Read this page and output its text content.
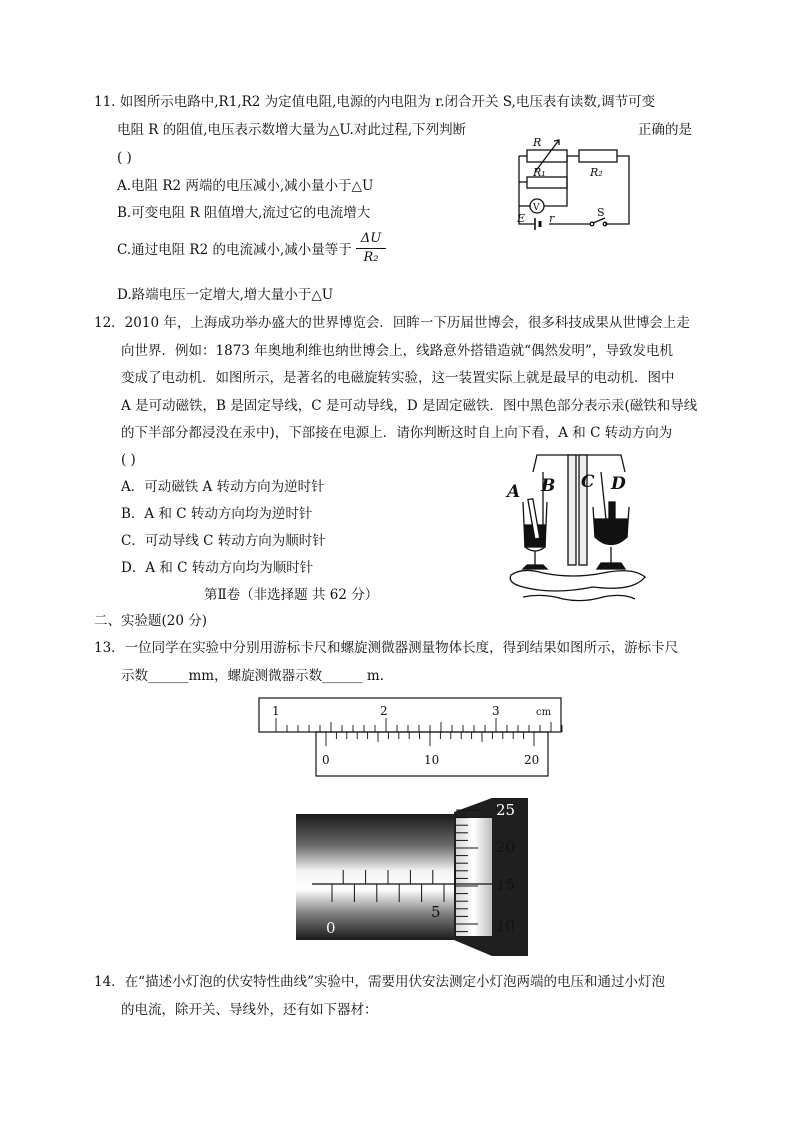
11. 如图所示电路中,R1,R2 为定值电阻,电源的内电阻为 r.闭合开关 S,电压表有读数,调节可变
电阻 R 的阻值,电压表示数增大量为△U.对此过程,下列判断	正确的是
( )
A.电阻 R2 两端的电压减小,减小量小于△U
B.可变电阻 R 阻值增大,流过它的电流增大
C.通过电阻 R2 的电流减小,减小量等于 $\frac{\Delta U}{\text{R₂}}$
D.路端电压一定增大,增大量小于△U
R
R₁	R₂
V
E r	S
12．2010 年，上海成功举办盛大的世界博览会．回眸一下历届世博会，很多科技成果从世博会上走
向世界．例如：1873 年奥地利维也纳世博会上，线路意外搭错造就“偶然发明”，导致发电机
变成了电动机．如图所示，是著名的电磁旋转实验，这一装置实际上就是最早的电动机．图中
A 是可动磁铁，B 是固定导线，C 是可动导线，D 是固定磁铁．图中黑色部分表示汞(磁铁和导线
的下半部分都浸没在汞中)，下部接在电源上．请你判断这时自上向下看，A 和 C 转动方向为
( )
A．可动磁铁 A 转动方向为逆时针
B．A 和 C 转动方向均为逆时针
C．可动导线 C 转动方向为顺时针
D．A 和 C 转动方向均为顺时针
A B C D
第Ⅱ卷（非选择题 共 62 分）
二、实验题(20 分)
13．一位同学在实验中分别用游标卡尺和螺旋测微器测量物体长度，得到结果如图所示，游标卡尺
示数______mm，螺旋测微器示数______ m.
1	2	3	cm
0	10	20
0
5
25
20
15
10
14．在“描述小灯泡的伏安特性曲线”实验中，需要用伏安法测定小灯泡两端的电压和通过小灯泡
的电流，除开关、导线外，还有如下器材：
